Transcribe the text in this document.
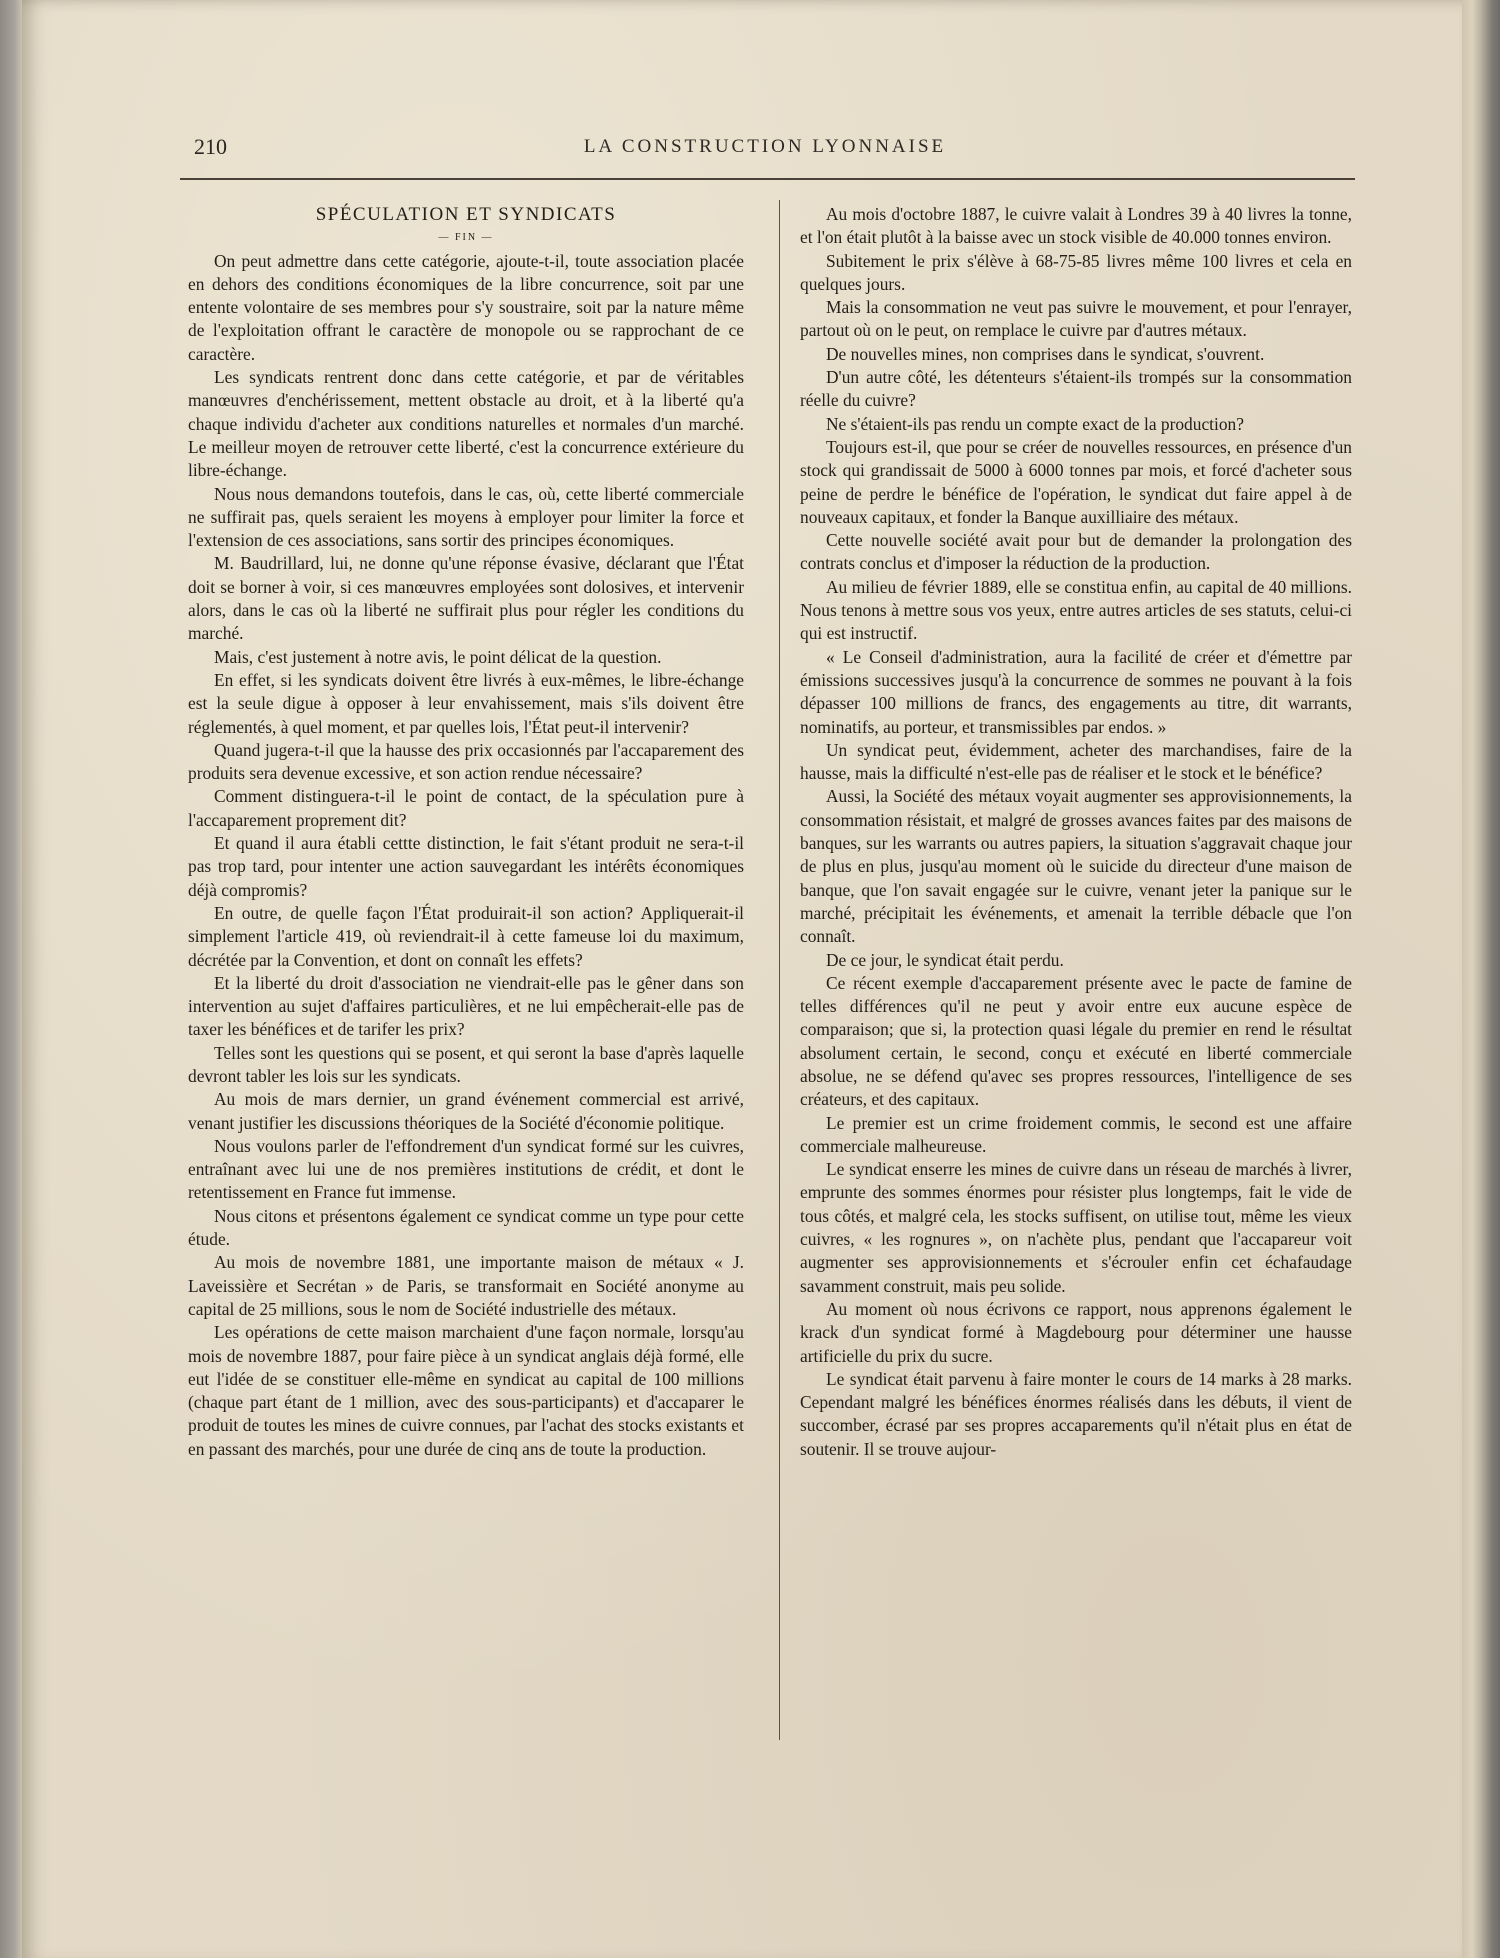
210	LA CONSTRUCTION LYONNAISE

SPÉCULATION ET SYNDICATS

— FIN —

On peut admettre dans cette catégorie, ajoute-t-il, toute association placée en dehors des conditions économiques de la libre concurrence, soit par une entente volontaire de ses membres pour s'y soustraire, soit par la nature même de l'exploitation offrant le caractère de monopole ou se rapprochant de ce caractère.

Les syndicats rentrent donc dans cette catégorie, et par de véritables manœuvres d'enchérissement, mettent obstacle au droit, et à la liberté qu'a chaque individu d'acheter aux conditions naturelles et normales d'un marché. Le meilleur moyen de retrouver cette liberté, c'est la concurrence extérieure du libre-échange.

Nous nous demandons toutefois, dans le cas, où, cette liberté commerciale ne suffirait pas, quels seraient les moyens à employer pour limiter la force et l'extension de ces associations, sans sortir des principes économiques.

M. Baudrillard, lui, ne donne qu'une réponse évasive, déclarant que l'État doit se borner à voir, si ces manœuvres employées sont dolosives, et intervenir alors, dans le cas où la liberté ne suffirait plus pour régler les conditions du marché.

Mais, c'est justement à notre avis, le point délicat de la question.

En effet, si les syndicats doivent être livrés à eux-mêmes, le libre-échange est la seule digue à opposer à leur envahissement, mais s'ils doivent être réglementés, à quel moment, et par quelles lois, l'État peut-il intervenir?

Quand jugera-t-il que la hausse des prix occasionnés par l'accaparement des produits sera devenue excessive, et son action rendue nécessaire?

Comment distinguera-t-il le point de contact, de la spéculation pure à l'accaparement proprement dit?

Et quand il aura établi cettte distinction, le fait s'étant produit ne sera-t-il pas trop tard, pour intenter une action sauvegardant les intérêts économiques déjà compromis?

En outre, de quelle façon l'État produirait-il son action? Appliquerait-il simplement l'article 419, où reviendrait-il à cette fameuse loi du maximum, décrétée par la Convention, et dont on connaît les effets?

Et la liberté du droit d'association ne viendrait-elle pas le gêner dans son intervention au sujet d'affaires particulières, et ne lui empêcherait-elle pas de taxer les bénéfices et de tarifer les prix?

Telles sont les questions qui se posent, et qui seront la base d'après laquelle devront tabler les lois sur les syndicats.

Au mois de mars dernier, un grand événement commercial est arrivé, venant justifier les discussions théoriques de la Société d'économie politique.

Nous voulons parler de l'effondrement d'un syndicat formé sur les cuivres, entraînant avec lui une de nos premières institutions de crédit, et dont le retentissement en France fut immense.

Nous citons et présentons également ce syndicat comme un type pour cette étude.

Au mois de novembre 1881, une importante maison de métaux « J. Laveissière et Secrétan » de Paris, se transformait en Société anonyme au capital de 25 millions, sous le nom de Société industrielle des métaux.

Les opérations de cette maison marchaient d'une façon normale, lorsqu'au mois de novembre 1887, pour faire pièce à un syndicat anglais déjà formé, elle eut l'idée de se constituer elle-même en syndicat au capital de 100 millions (chaque part étant de 1 million, avec des sous-participants) et d'accaparer le produit de toutes les mines de cuivre connues, par l'achat des stocks existants et en passant des marchés, pour une durée de cinq ans de toute la production.

Au mois d'octobre 1887, le cuivre valait à Londres 39 à 40 livres la tonne, et l'on était plutôt à la baisse avec un stock visible de 40.000 tonnes environ.

Subitement le prix s'élève à 68-75-85 livres même 100 livres et cela en quelques jours.

Mais la consommation ne veut pas suivre le mouvement, et pour l'enrayer, partout où on le peut, on remplace le cuivre par d'autres métaux.

De nouvelles mines, non comprises dans le syndicat, s'ouvrent.

D'un autre côté, les détenteurs s'étaient-ils trompés sur la consommation réelle du cuivre?

Ne s'étaient-ils pas rendu un compte exact de la production?

Toujours est-il, que pour se créer de nouvelles ressources, en présence d'un stock qui grandissait de 5000 à 6000 tonnes par mois, et forcé d'acheter sous peine de perdre le bénéfice de l'opération, le syndicat dut faire appel à de nouveaux capitaux, et fonder la Banque auxilliaire des métaux.

Cette nouvelle société avait pour but de demander la prolongation des contrats conclus et d'imposer la réduction de la production.

Au milieu de février 1889, elle se constitua enfin, au capital de 40 millions. Nous tenons à mettre sous vos yeux, entre autres articles de ses statuts, celui-ci qui est instructif.

« Le Conseil d'administration, aura la facilité de créer et d'émettre par émissions successives jusqu'à la concurrence de sommes ne pouvant à la fois dépasser 100 millions de francs, des engagements au titre, dit warrants, nominatifs, au porteur, et transmissibles par endos. »

Un syndicat peut, évidemment, acheter des marchandises, faire de la hausse, mais la difficulté n'est-elle pas de réaliser et le stock et le bénéfice?

Aussi, la Société des métaux voyait augmenter ses approvisionnements, la consommation résistait, et malgré de grosses avances faites par des maisons de banques, sur les warrants ou autres papiers, la situation s'aggravait chaque jour de plus en plus, jusqu'au moment où le suicide du directeur d'une maison de banque, que l'on savait engagée sur le cuivre, venant jeter la panique sur le marché, précipitait les événements, et amenait la terrible débacle que l'on connaît.

De ce jour, le syndicat était perdu.

Ce récent exemple d'accaparement présente avec le pacte de famine de telles différences qu'il ne peut y avoir entre eux aucune espèce de comparaison; que si, la protection quasi légale du premier en rend le résultat absolument certain, le second, conçu et exécuté en liberté commerciale absolue, ne se défend qu'avec ses propres ressources, l'intelligence de ses créateurs, et des capitaux.

Le premier est un crime froidement commis, le second est une affaire commerciale malheureuse.

Le syndicat enserre les mines de cuivre dans un réseau de marchés à livrer, emprunte des sommes énormes pour résister plus longtemps, fait le vide de tous côtés, et malgré cela, les stocks suffisent, on utilise tout, même les vieux cuivres, « les rognures », on n'achète plus, pendant que l'accapareur voit augmenter ses approvisionnements et s'écrouler enfin cet échafaudage savamment construit, mais peu solide.

Au moment où nous écrivons ce rapport, nous apprenons également le krack d'un syndicat formé à Magdebourg pour déterminer une hausse artificielle du prix du sucre.

Le syndicat était parvenu à faire monter le cours de 14 marks à 28 marks. Cependant malgré les bénéfices énormes réalisés dans les débuts, il vient de succomber, écrasé par ses propres accaparements qu'il n'était plus en état de soutenir. Il se trouve aujour-
